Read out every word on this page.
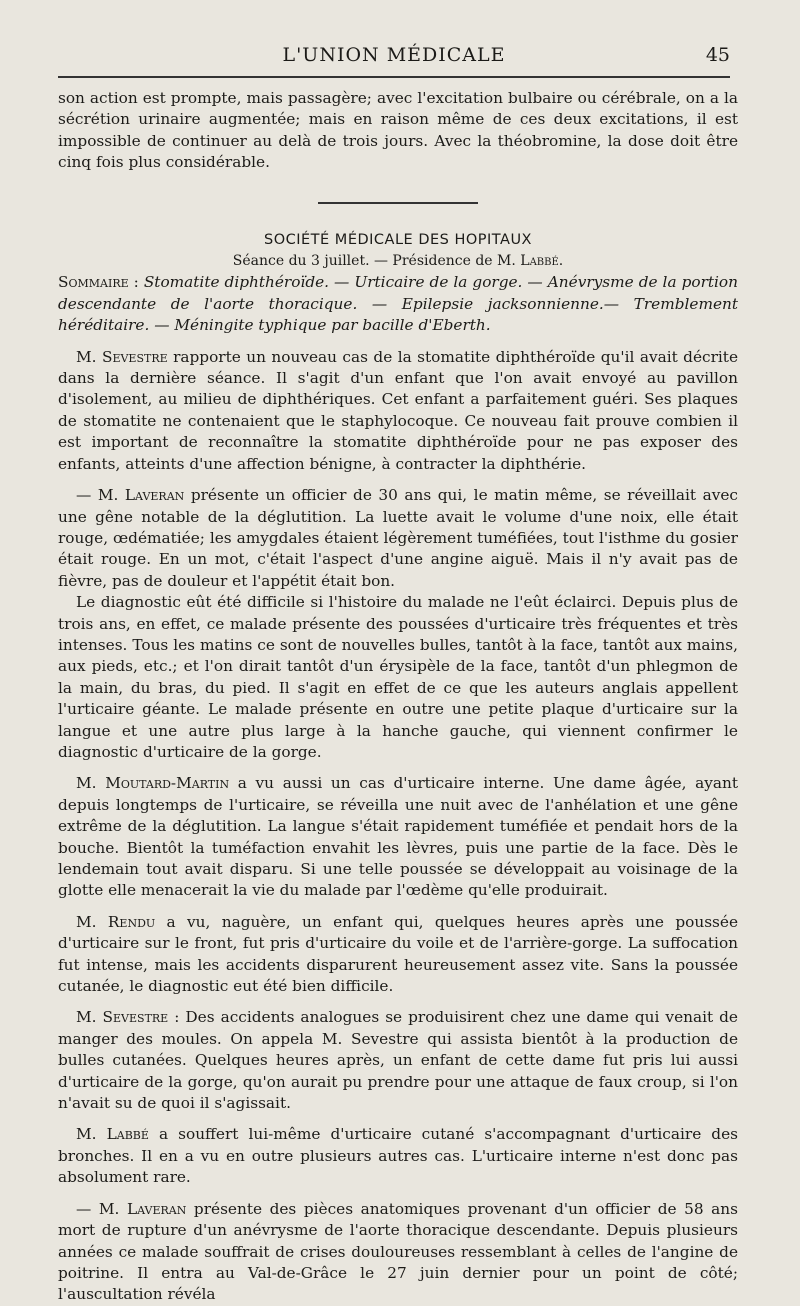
L'UNION MÉDICALE	45

son action est prompte, mais passagère; avec l'excitation bulbaire ou cérébrale, on a la sécrétion urinaire augmentée; mais en raison même de ces deux excitations, il est impossible de continuer au delà de trois jours. Avec la théobromine, la dose doit être cinq fois plus considérable.

SOCIÉTÉ MÉDICALE DES HOPITAUX

Séance du 3 juillet. — Présidence de M. Labbé.

Sommaire : Stomatite diphthéroïde. — Urticaire de la gorge. — Anévrysme de la portion descendante de l'aorte thoracique. — Epilepsie jacksonnienne.— Tremblement héréditaire. — Méningite typhique par bacille d'Eberth.

M. Sevestre rapporte un nouveau cas de la stomatite diphthéroïde qu'il avait décrite dans la dernière séance. Il s'agit d'un enfant que l'on avait envoyé au pavillon d'isolement, au milieu de diphthériques. Cet enfant a parfaitement guéri. Ses plaques de stomatite ne contenaient que le staphylocoque. Ce nouveau fait prouve combien il est important de reconnaître la stomatite diphthéroïde pour ne pas exposer des enfants, atteints d'une affection bénigne, à contracter la diphthérie.

— M. Laveran présente un officier de 30 ans qui, le matin même, se réveillait avec une gêne notable de la déglutition. La luette avait le volume d'une noix, elle était rouge, œdématiée; les amygdales étaient légèrement tuméfiées, tout l'isthme du gosier était rouge. En un mot, c'était l'aspect d'une angine aiguë. Mais il n'y avait pas de fièvre, pas de douleur et l'appétit était bon.

Le diagnostic eût été difficile si l'histoire du malade ne l'eût éclairci. Depuis plus de trois ans, en effet, ce malade présente des poussées d'urticaire très fréquentes et très intenses. Tous les matins ce sont de nouvelles bulles, tantôt à la face, tantôt aux mains, aux pieds, etc.; et l'on dirait tantôt d'un érysipèle de la face, tantôt d'un phlegmon de la main, du bras, du pied. Il s'agit en effet de ce que les auteurs anglais appellent l'urticaire géante. Le malade présente en outre une petite plaque d'urticaire sur la langue et une autre plus large à la hanche gauche, qui viennent confirmer le diagnostic d'urticaire de la gorge.

M. Moutard-Martin a vu aussi un cas d'urticaire interne. Une dame âgée, ayant depuis longtemps de l'urticaire, se réveilla une nuit avec de l'anhélation et une gêne extrême de la déglutition. La langue s'était rapidement tuméfiée et pendait hors de la bouche. Bientôt la tuméfaction envahit les lèvres, puis une partie de la face. Dès le lendemain tout avait disparu. Si une telle poussée se développait au voisinage de la glotte elle menacerait la vie du malade par l'œdème qu'elle produirait.

M. Rendu a vu, naguère, un enfant qui, quelques heures après une poussée d'urticaire sur le front, fut pris d'urticaire du voile et de l'arrière-gorge. La suffocation fut intense, mais les accidents disparurent heureusement assez vite. Sans la poussée cutanée, le diagnostic eut été bien difficile.

M. Sevestre : Des accidents analogues se produisirent chez une dame qui venait de manger des moules. On appela M. Sevestre qui assista bientôt à la production de bulles cutanées. Quelques heures après, un enfant de cette dame fut pris lui aussi d'urticaire de la gorge, qu'on aurait pu prendre pour une attaque de faux croup, si l'on n'avait su de quoi il s'agissait.

M. Labbé a souffert lui-même d'urticaire cutané s'accompagnant d'urticaire des bronches. Il en a vu en outre plusieurs autres cas. L'urticaire interne n'est donc pas absolument rare.

— M. Laveran présente des pièces anatomiques provenant d'un officier de 58 ans mort de rupture d'un anévrysme de l'aorte thoracique descendante. Depuis plusieurs années ce malade souffrait de crises douloureuses ressemblant à celles de l'angine de poitrine. Il entra au Val-de-Grâce le 27 juin dernier pour un point de côté; l'auscultation révéla
